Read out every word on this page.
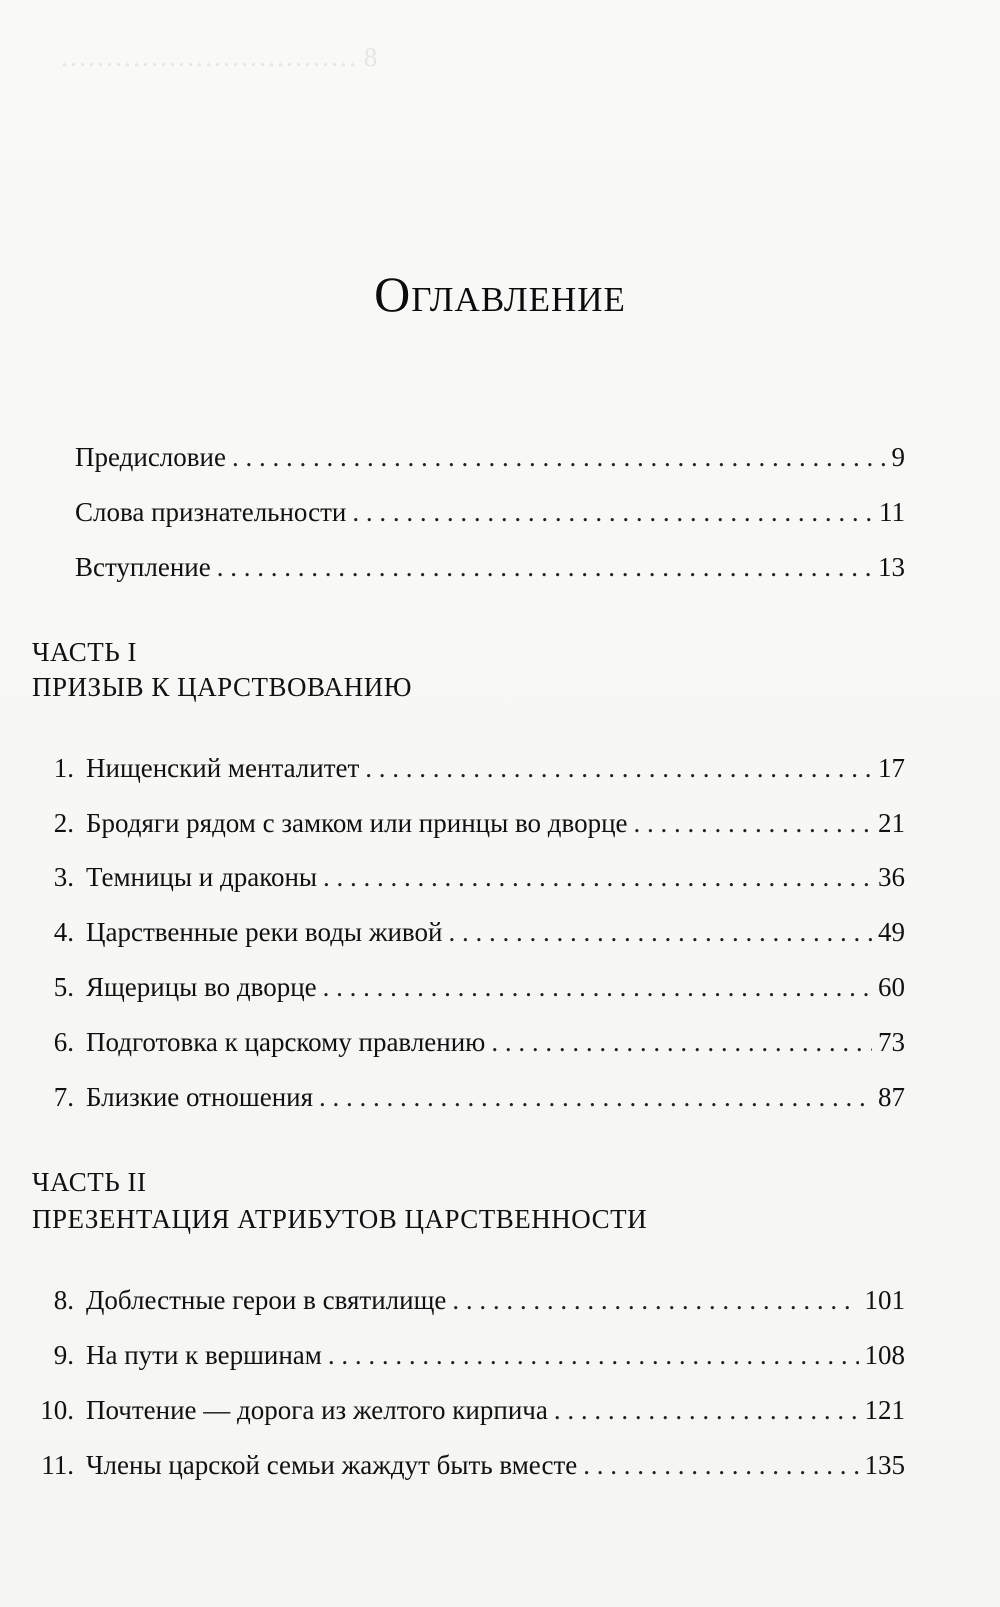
8 ……………………………
Оглавление
Предисловие . . .	9
Слова признательности . . .	11
Вступление . . .	13
ЧАСТЬ I
ПРИЗЫВ К ЦАРСТВОВАНИЮ
1. Нищенский менталитет . . .	17
2. Бродяги рядом с замком или принцы во дворце . . .	21
3. Темницы и драконы . . .	36
4. Царственные реки воды живой . . .	49
5. Ящерицы во дворце . . .	60
6. Подготовка к царскому правлению . . .	73
7. Близкие отношения . . .	87
ЧАСТЬ II
ПРЕЗЕНТАЦИЯ АТРИБУТОВ ЦАРСТВЕННОСТИ
8. Доблестные герои в святилище . . .	101
9. На пути к вершинам . . .	108
10. Почтение — дорога из желтого кирпича . . .	121
11. Члены царской семьи жаждут быть вместе . . .	135
